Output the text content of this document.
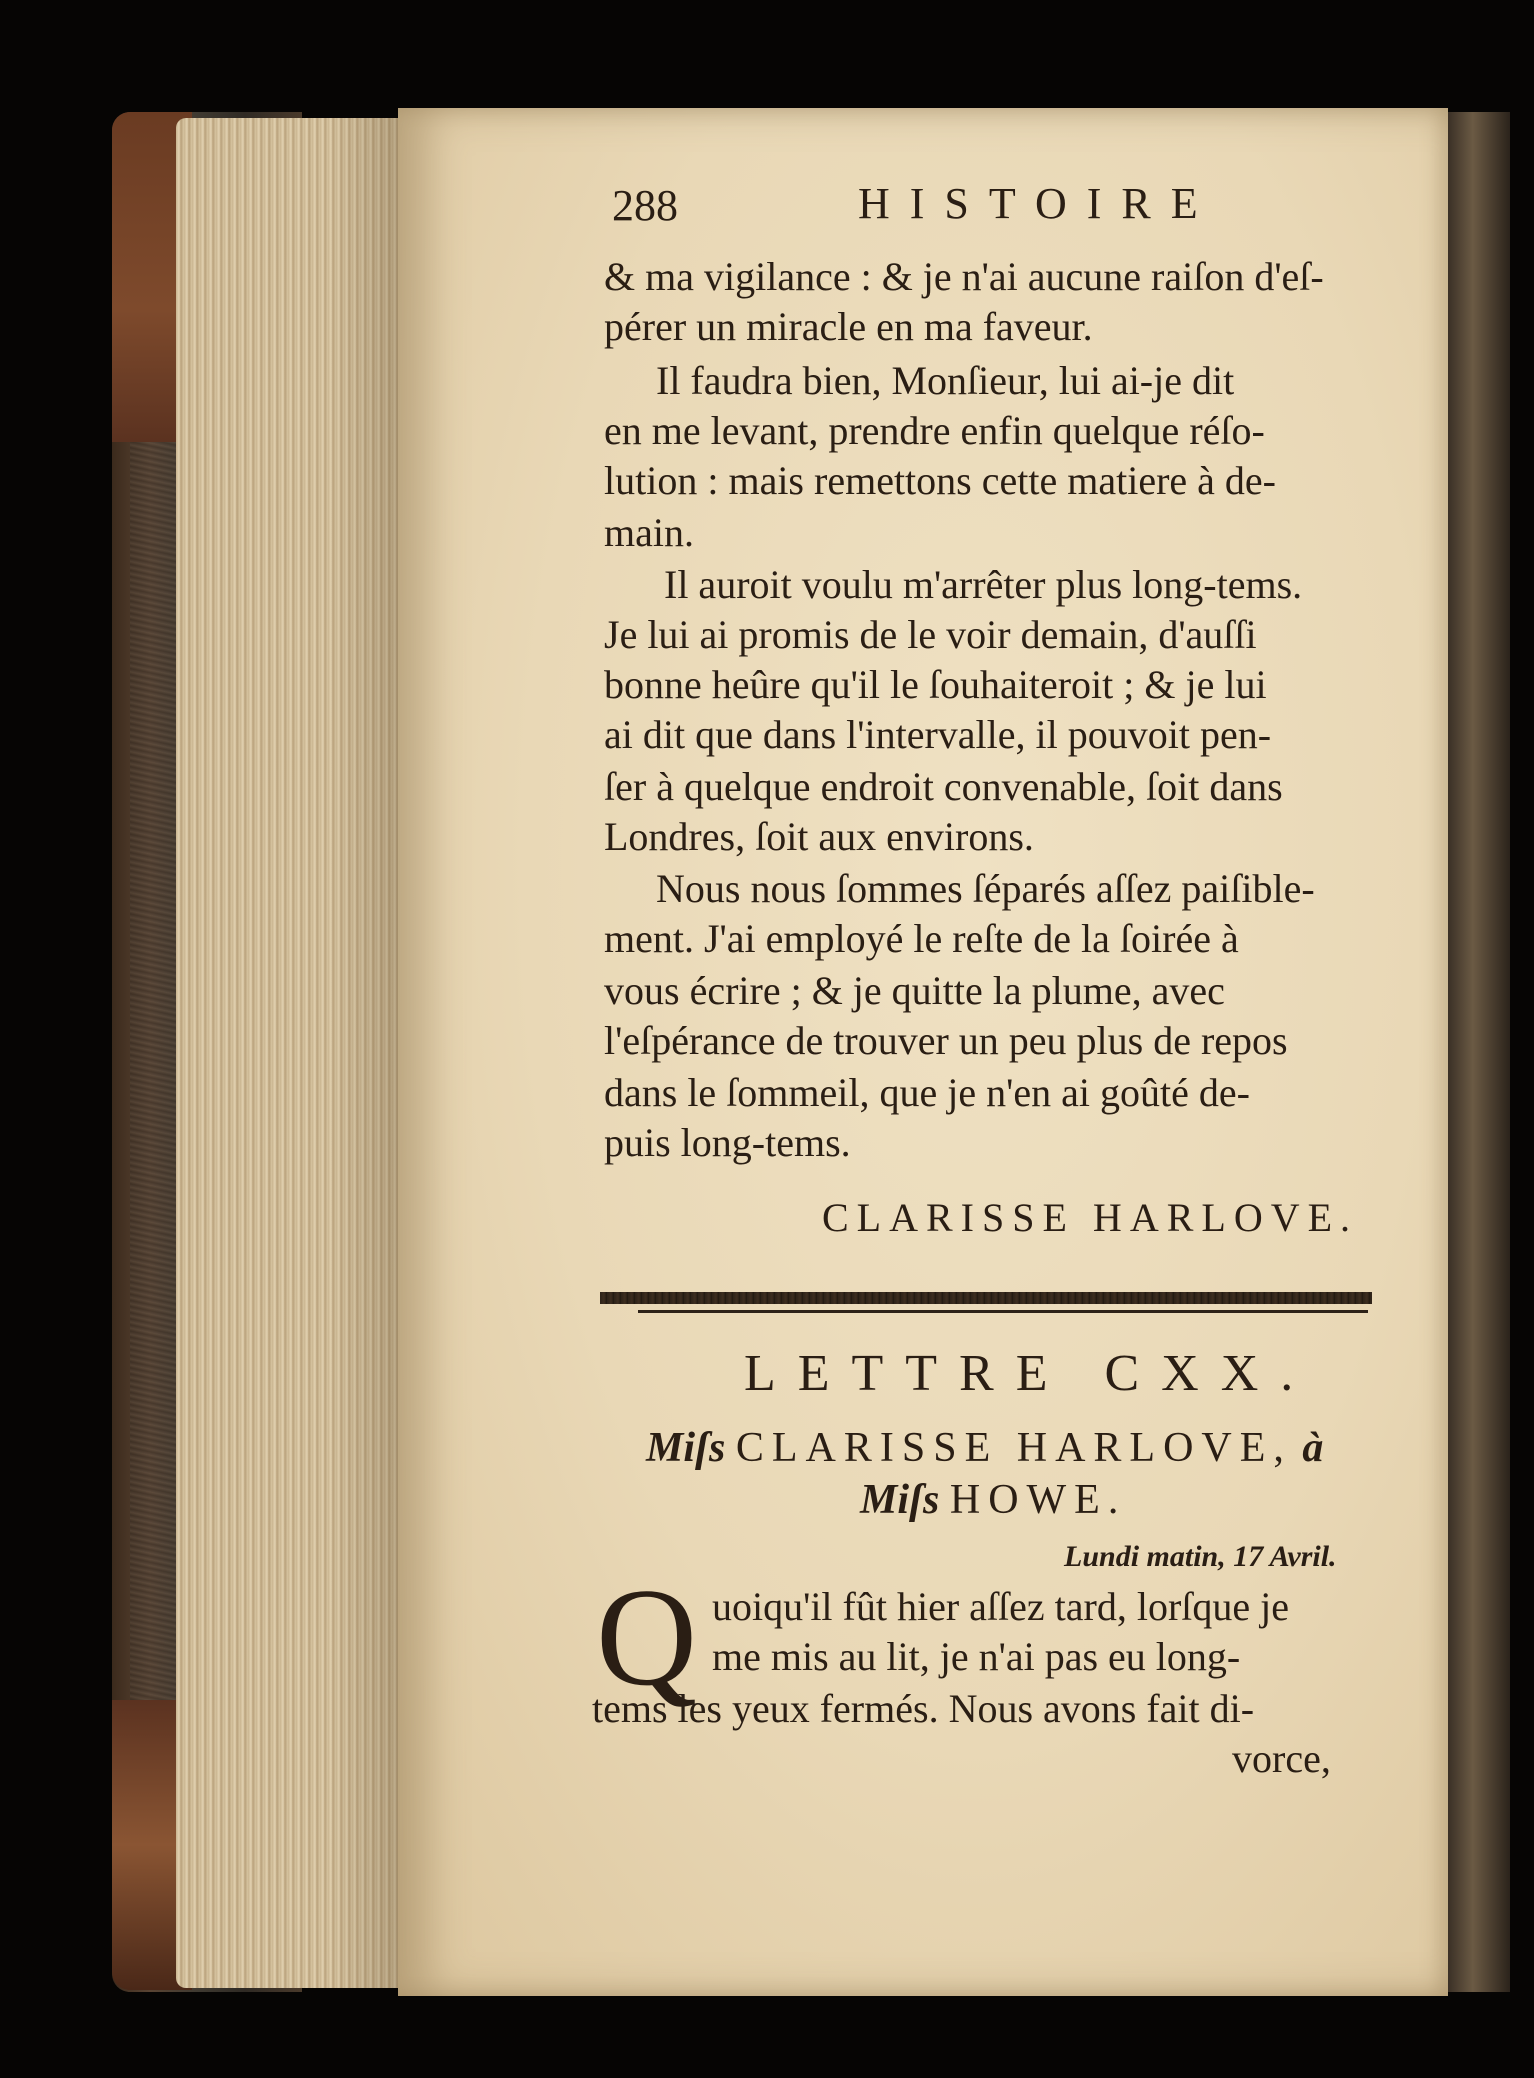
288	HISTOIRE
& ma vigilance : & je n'ai aucune raiſon d'eſ-
pérer un miracle en ma faveur.
Il faudra bien, Monſieur, lui ai-je dit
en me levant, prendre enfin quelque réſo-
lution : mais remettons cette matiere à de-
main.
Il auroit voulu m'arrêter plus long-tems.
Je lui ai promis de le voir demain, d'auſſi
bonne heûre qu'il le ſouhaiteroit ; & je lui
ai dit que dans l'intervalle, il pouvoit pen-
ſer à quelque endroit convenable, ſoit dans
Londres, ſoit aux environs.
Nous nous ſommes ſéparés aſſez paiſible-
ment. J'ai employé le reſte de la ſoirée à
vous écrire ; & je quitte la plume, avec
l'eſpérance de trouver un peu plus de repos
dans le ſommeil, que je n'en ai goûté de-
puis long-tems.
CLARISSE HARLOVE.
LETTRE CXX.
Miſs CLARISSE HARLOVE, à
Miſs HOWE.
Lundi matin, 17 Avril.
Q uoiqu'il fût hier aſſez tard, lorſque je
me mis au lit, je n'ai pas eu long-
tems les yeux fermés. Nous avons fait di-
vorce,
